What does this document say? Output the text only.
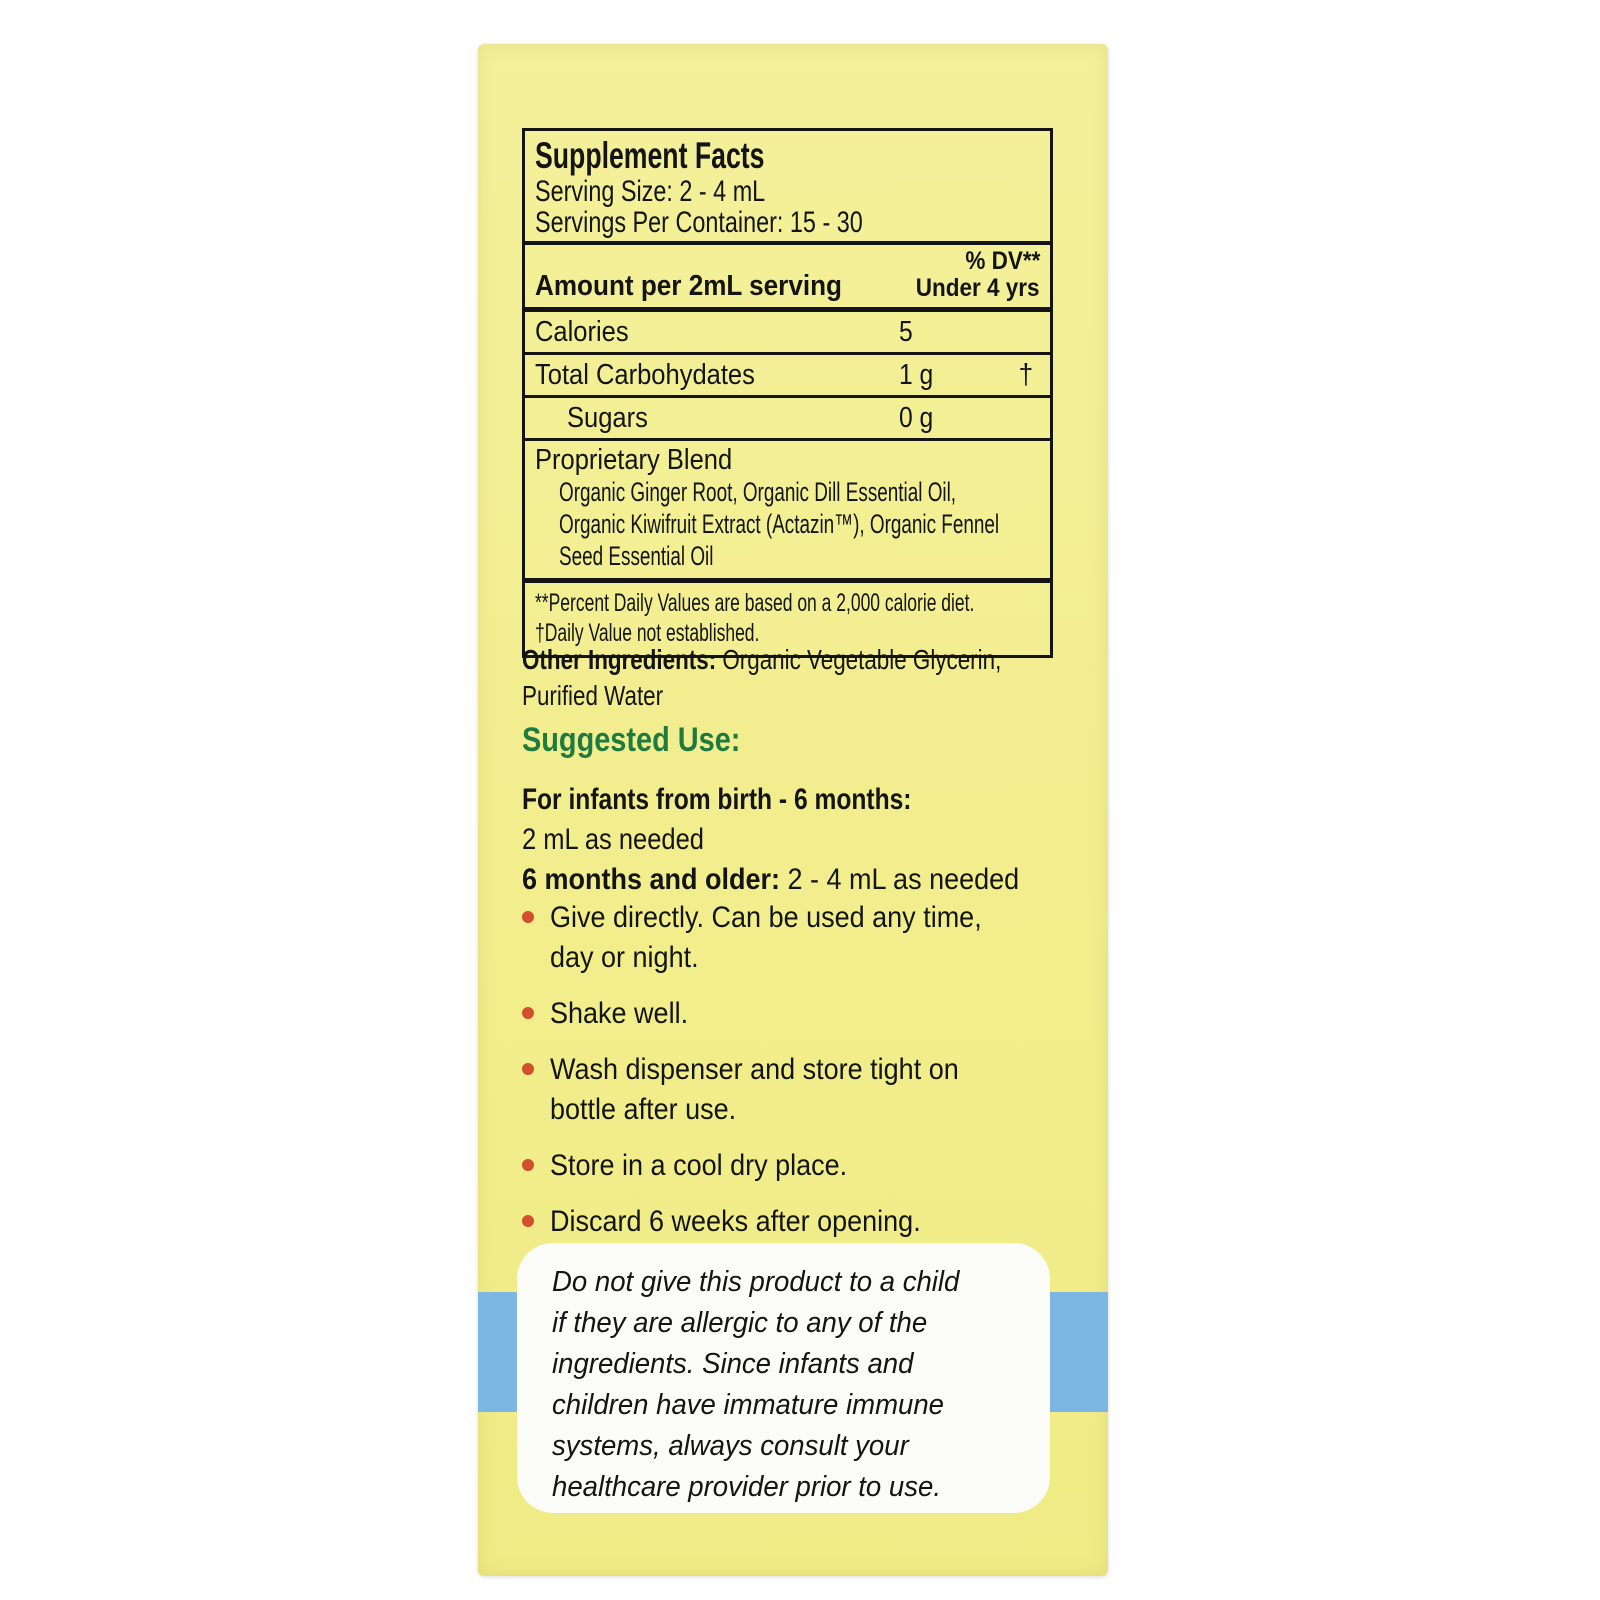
Supplement Facts
Serving Size: 2 - 4 mL
Servings Per Container: 15 - 30
Amount per 2mL serving
% DV**
Under 4 yrs
Calories	5
Total Carbohydates	1 g	†
Sugars	0 g
Proprietary Blend
Organic Ginger Root, Organic Dill Essential Oil,
Organic Kiwifruit Extract (Actazin™), Organic Fennel
Seed Essential Oil
**Percent Daily Values are based on a 2,000 calorie diet.
†Daily Value not established.
Other Ingredients: Organic Vegetable Glycerin,
Purified Water
Suggested Use:
For infants from birth - 6 months:
2 mL as needed
6 months and older: 2 - 4 mL as needed
Give directly. Can be used any time,
day or night.
Shake well.
Wash dispenser and store tight on
bottle after use.
Store in a cool dry place.
Discard 6 weeks after opening.
Do not give this product to a child
if they are allergic to any of the
ingredients. Since infants and
children have immature immune
systems, always consult your
healthcare provider prior to use.
